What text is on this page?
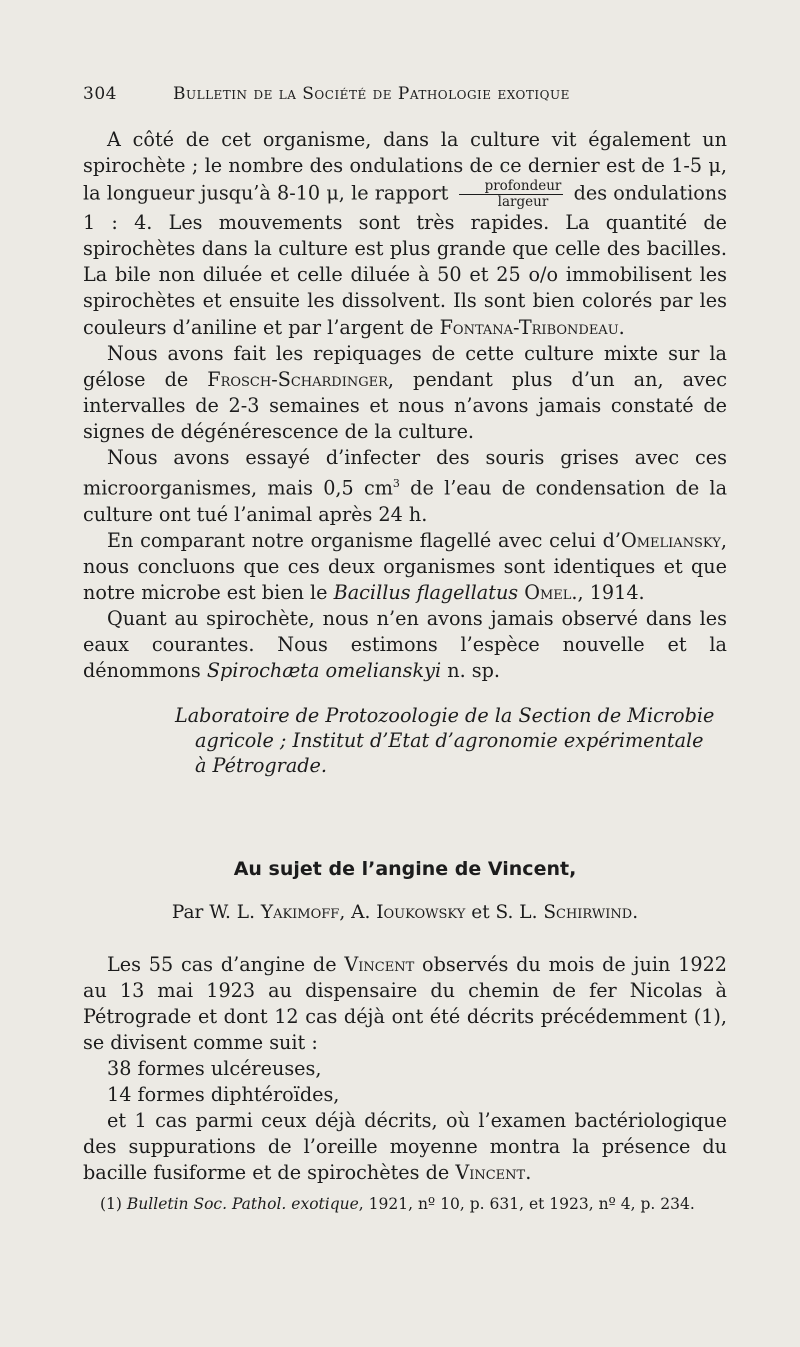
304	Bulletin de la Société de Pathologie exotique

A côté de cet organisme, dans la culture vit également un spirochète ; le nombre des ondulations de ce dernier est de 1-5 μ, la longueur jusqu’à 8-10 μ, le rapport $\frac{\text{profondeur}}{\text{largeur}}$ des ondulations 1 : 4. Les mouvements sont très rapides. La quantité de spirochètes dans la culture est plus grande que celle des bacilles. La bile non diluée et celle diluée à 50 et 25 o/o immobilisent les spirochètes et ensuite les dissolvent. Ils sont bien colorés par les couleurs d’aniline et par l’argent de Fontana-Tribondeau.

Nous avons fait les repiquages de cette culture mixte sur la gélose de Frosch-Schardinger, pendant plus d’un an, avec intervalles de 2-3 semaines et nous n’avons jamais constaté de signes de dégénérescence de la culture.

Nous avons essayé d’infecter des souris grises avec ces microorganismes, mais 0,5 $cm^3$ de l’eau de condensation de la culture ont tué l’animal après 24 h.

En comparant notre organisme flagellé avec celui d’Omeliansky, nous concluons que ces deux organismes sont identiques et que notre microbe est bien le Bacillus flagellatus Omel., 1914.

Quant au spirochète, nous n’en avons jamais observé dans les eaux courantes. Nous estimons l’espèce nouvelle et la dénommons Spirochæta omelianskyi n. sp.

Laboratoire de Protozoologie de la Section de Microbie
agricole ; Institut d’Etat d’agronomie expérimentale
à Pétrograde.
Au sujet de l’angine de Vincent,
Par W. L. Yakimoff, A. Ioukowsky et S. L. Schirwind.

Les 55 cas d’angine de Vincent observés du mois de juin 1922 au 13 mai 1923 au dispensaire du chemin de fer Nicolas à Pétrograde et dont 12 cas déjà ont été décrits précédemment (1), se divisent comme suit :

38 formes ulcéreuses,

14 formes diphtéroïdes,

et 1 cas parmi ceux déjà décrits, où l’examen bactériologique des suppurations de l’oreille moyenne montra la présence du bacille fusiforme et de spirochètes de Vincent.

(1) Bulletin Soc. Pathol. exotique, 1921, nº 10, p. 631, et 1923, nº 4, p. 234.
